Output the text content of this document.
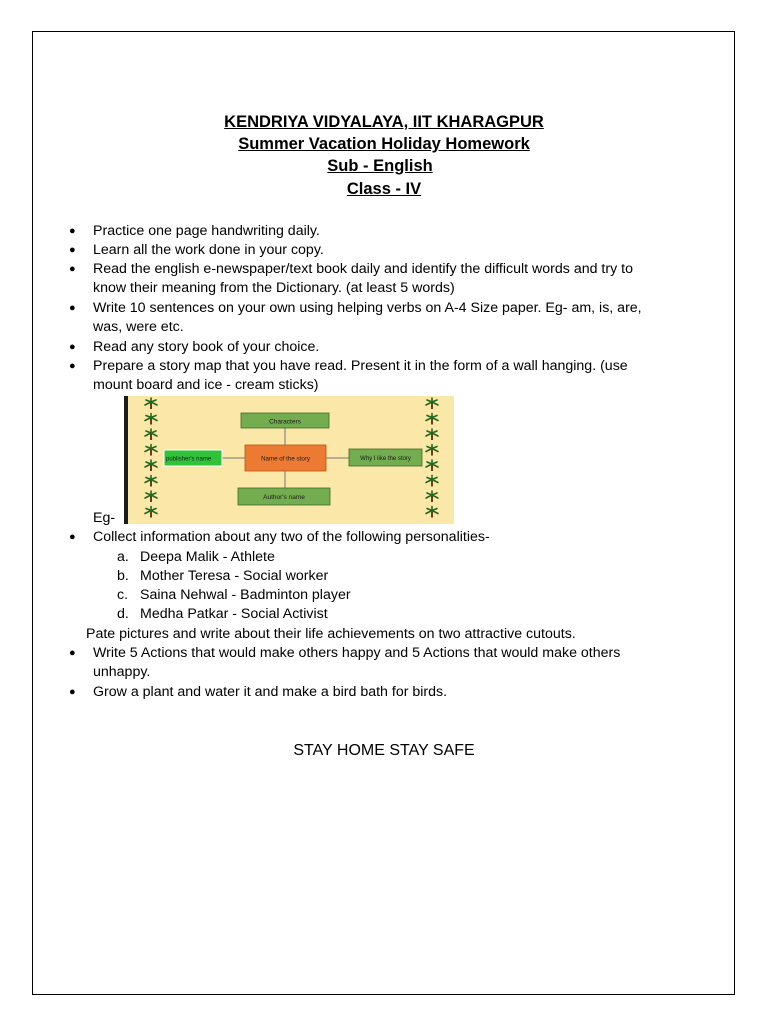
KENDRIYA VIDYALAYA, IIT KHARAGPUR
Summer Vacation Holiday Homework
Sub - English
Class - IV
● Practice one page handwriting daily.
● Learn all the work done in your copy.
● Read the english e-newspaper/text book daily and identify the difficult words and try to
know their meaning from the Dictionary. (at least 5 words)
● Write 10 sentences on your own using helping verbs on A-4 Size paper. Eg- am, is, are,
was, were etc.
● Read any story book of your choice.
● Prepare a story map that you have read. Present it in the form of a wall hanging. (use
mount board and ice - cream sticks)
Eg-
Characters
publisher's name	Name of the story	Why I like the story
Author's name
● Collect information about any two of the following personalities-
a. Deepa Malik - Athlete
b. Mother Teresa - Social worker
c. Saina Nehwal - Badminton player
d. Medha Patkar - Social Activist
Pate pictures and write about their life achievements on two attractive cutouts.
● Write 5 Actions that would make others happy and 5 Actions that would make others
unhappy.
● Grow a plant and water it and make a bird bath for birds.
STAY HOME STAY SAFE
